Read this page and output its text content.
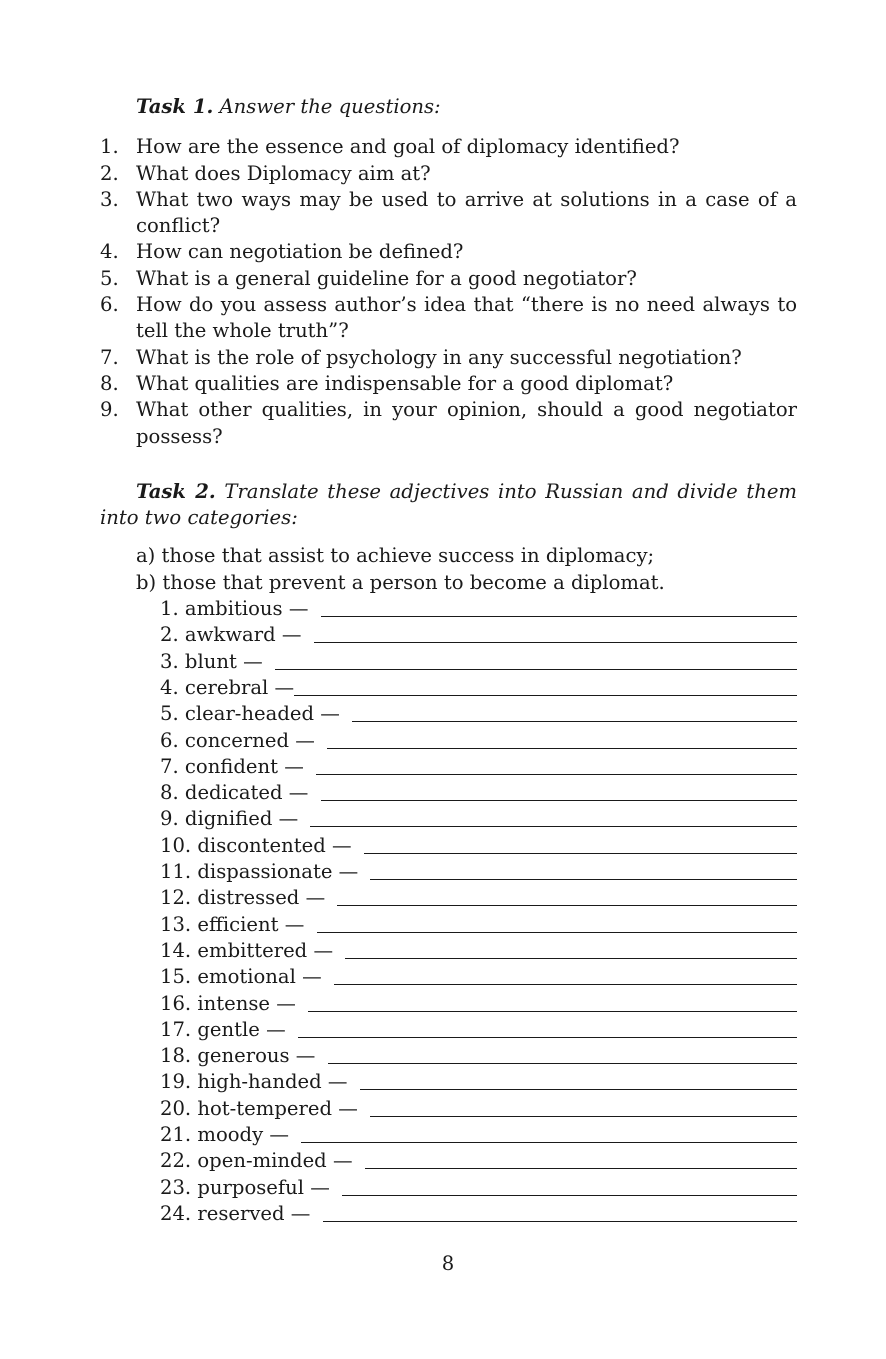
Task 1. Answer the questions:

1. How are the essence and goal of diplomacy identified?
2. What does Diplomacy aim at?
3. What two ways may be used to arrive at solutions in a case of a conflict?
4. How can negotiation be defined?
5. What is a general guideline for a good negotiator?
6. How do you assess author’s idea that “there is no need always to tell the whole truth”?
7. What is the role of psychology in any successful negotiation?
8. What qualities are indispensable for a good diplomat?
9. What other qualities, in your opinion, should a good negotiator possess?

Task 2. Translate these adjectives into Russian and divide them into two categories:

a) those that assist to achieve success in diplomacy;
b) those that prevent a person to become a diplomat.
1. ambitious —
2. awkward —
3. blunt —
4. cerebral —
5. clear-headed —
6. concerned —
7. confident —
8. dedicated —
9. dignified —
10. discontented —
11. dispassionate —
12. distressed —
13. efficient —
14. embittered —
15. emotional —
16. intense —
17. gentle —
18. generous —
19. high-handed —
20. hot-tempered —
21. moody —
22. open-minded —
23. purposeful —
24. reserved —
8
